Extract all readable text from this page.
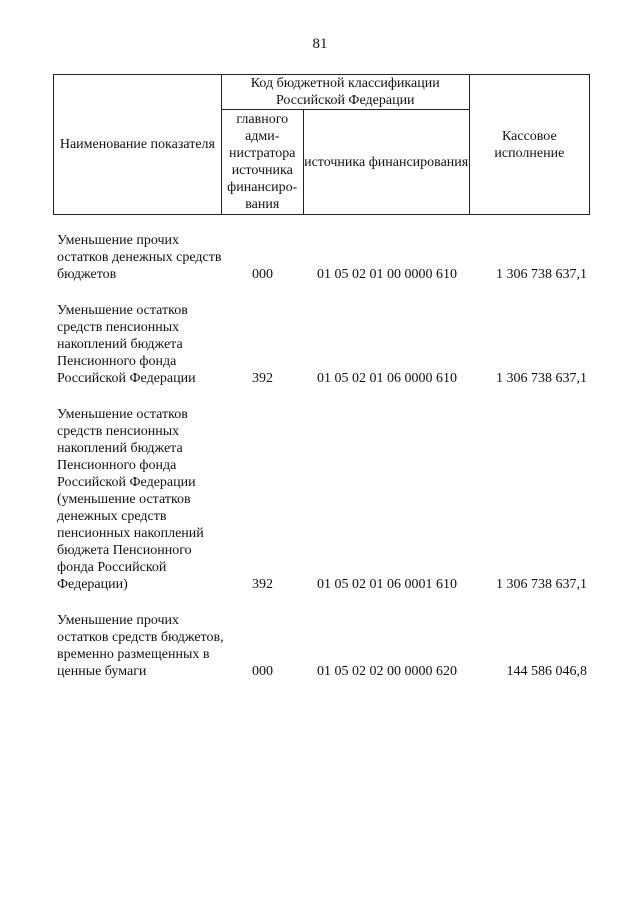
81
Наименование показателя	Код бюджетной классификации Российской Федерации		Кассовое исполнение
	главного адми-нистратора источника финансиро-вания	источника финансирования	
Уменьшение прочих остатков денежных средств бюджетов	000	01 05 02 01 00 0000 610	1 306 738 637,1
Уменьшение остатков средств пенсионных накоплений бюджета Пенсионного фонда Российской Федерации	392	01 05 02 01 06 0000 610	1 306 738 637,1
Уменьшение остатков средств пенсионных накоплений бюджета Пенсионного фонда Российской Федерации (уменьшение остатков денежных средств пенсионных накоплений бюджета Пенсионного фонда Российской Федерации)	392	01 05 02 01 06 0001 610	1 306 738 637,1
Уменьшение прочих остатков средств бюджетов, временно размещенных в ценные бумаги	000	01 05 02 02 00 0000 620	144 586 046,8
